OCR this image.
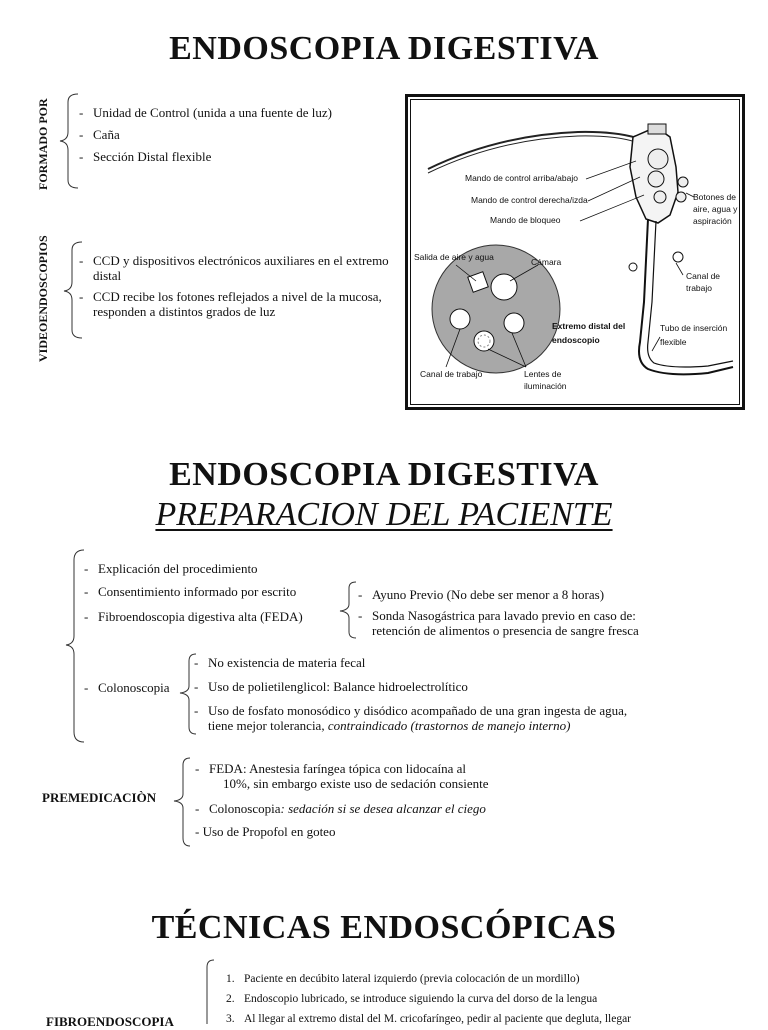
ENDOSCOPIA DIGESTIVA
FORMADO POR - Unidad de Control (unida a una fuente de luz)
- Caña
- Sección Distal flexible
VIDEOENDOSCOPIOS - CCD y dispositivos electrónicos auxiliares en el extremo distal
- CCD recibe los fotones reflejados a nivel de la mucosa, responden a distintos grados de luz
Mando de control arriba/abajo
Mando de control derecha/izda
Mando de bloqueo
Botones de
aire, agua y
aspiración
Salida de aire y agua	Cámara
Canal de
trabajo
Extremo distal del
endoscopio
Tubo de inserción
flexible
Canal de trabajo	Lentes de
iluminación
ENDOSCOPIA DIGESTIVA
PREPARACION DEL PACIENTE
- Explicación del procedimiento
- Consentimiento informado por escrito
- Fibroendoscopia digestiva alta (FEDA)
- Colonoscopia
- Ayuno Previo (No debe ser menor a 8 horas)
- Sonda Nasogástrica para lavado previo en caso de:
retención de alimentos o presencia de sangre fresca
- No existencia de materia fecal
- Uso de polietilenglicol: Balance hidroelectrolítico
- Uso de fosfato monosódico y disódico acompañado de una gran ingesta de agua,
tiene mejor tolerancia, contraindicado (trastornos de manejo interno)
PREMEDICACIÒN
- FEDA: Anestesia faríngea tópica con lidocaína al
10%, sin embargo existe uso de sedación consiente
- Colonoscopia: sedación si se desea alcanzar el ciego
- Uso de Propofol en goteo
TÉCNICAS ENDOSCÓPICAS
FIBROENDOSCOPIA
1. Paciente en decúbito lateral izquierdo (previa colocación de un mordillo)
2. Endoscopio lubricado, se introduce siguiendo la curva del dorso de la lengua
3. Al llegar al extremo distal del M. cricofaríngeo, pedir al paciente que degluta, llegar
